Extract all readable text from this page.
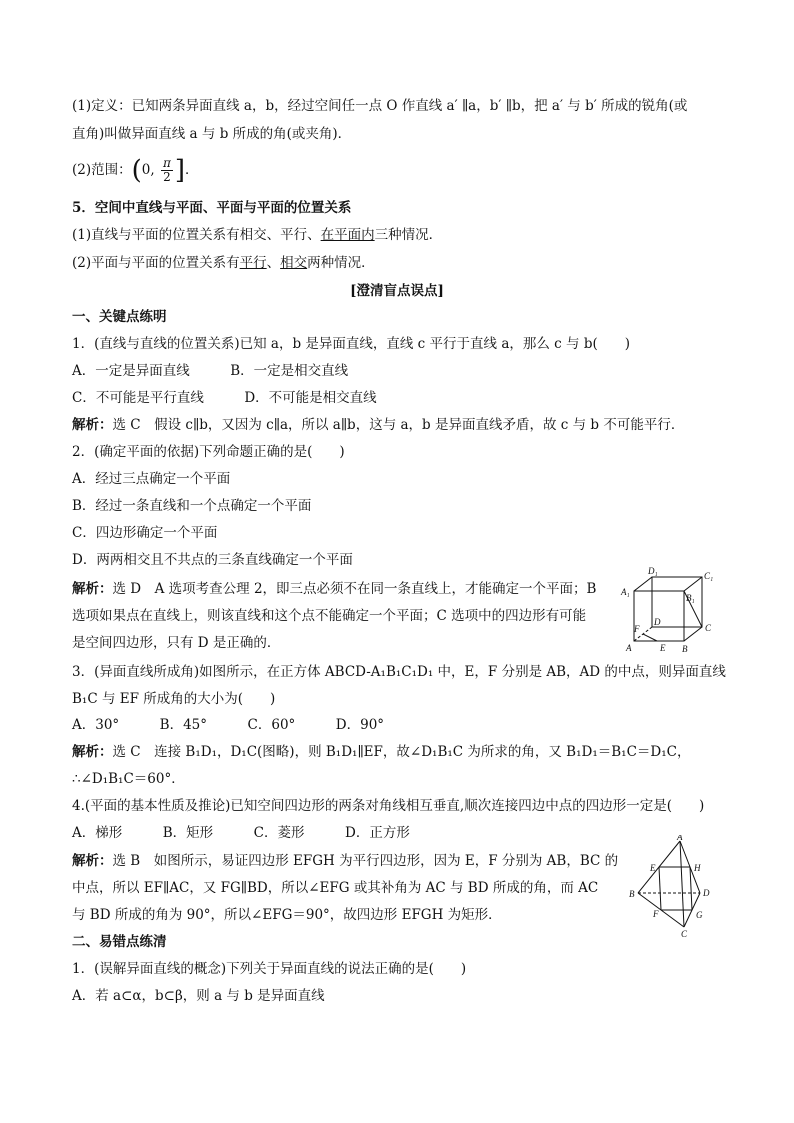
(1)定义：已知两条异面直线 a，b，经过空间任一点 O 作直线 a′ ∥a，b′ ∥b，把 a′ 与 b′ 所成的锐角(或
直角)叫做异面直线 a 与 b 所成的角(或夹角)．
(2)范围：(0, $\frac{\pi}{2}$ ]．
5．空间中直线与平面、平面与平面的位置关系
(1)直线与平面的位置关系有相交、平行、在平面内三种情况．
(2)平面与平面的位置关系有平行、相交两种情况．
[澄清盲点误点]
一、关键点练明
1．(直线与直线的位置关系)已知 a，b 是异面直线，直线 c 平行于直线 a，那么 c 与 b(　　)
A．一定是异面直线　　　B．一定是相交直线
C．不可能是平行直线　　　D．不可能是相交直线
解析：选 C　假设 c∥b，又因为 c∥a，所以 a∥b，这与 a，b 是异面直线矛盾，故 c 与 b 不可能平行．
2．(确定平面的依据)下列命题正确的是(　　)
A．经过三点确定一个平面
B．经过一条直线和一个点确定一个平面
C．四边形确定一个平面
D．两两相交且不共点的三条直线确定一个平面
解析：选 D　A 选项考查公理 2，即三点必须不在同一条直线上，才能确定一个平面；B
选项如果点在直线上，则该直线和这个点不能确定一个平面；C 选项中的四边形有可能
是空间四边形，只有 D 是正确的．
D₁	C₁
A₁
B₁
D
C
A	B
E
F
3．(异面直线所成角)如图所示，在正方体 ABCD-A₁B₁C₁D₁ 中，E，F 分别是 AB，AD 的中点，则异面直线
B₁C 与 EF 所成角的大小为(　　)
A．30°　　　B．45°　　　C．60°　　　D．90°
解析：选 C　连接 B₁D₁，D₁C(图略)，则 B₁D₁∥EF，故∠D₁B₁C 为所求的角，又 B₁D₁＝B₁C＝D₁C，
∴∠D₁B₁C＝60°．
4.(平面的基本性质及推论)已知空间四边形的两条对角线相互垂直,顺次连接四边中点的四边形一定是(　　)
A．梯形　　　B．矩形　　　C．菱形　　　D．正方形
解析：选 B　如图所示，易证四边形 EFGH 为平行四边形，因为 E，F 分别为 AB，BC 的
中点，所以 EF∥AC，又 FG∥BD，所以∠EFG 或其补角为 AC 与 BD 所成的角，而 AC
与 BD 所成的角为 90°，所以∠EFG＝90°，故四边形 EFGH 为矩形．
A
E	H
B	D
F	G
C
二、易错点练清
1．(误解异面直线的概念)下列关于异面直线的说法正确的是(　　)
A．若 a⊂α，b⊂β，则 a 与 b 是异面直线
